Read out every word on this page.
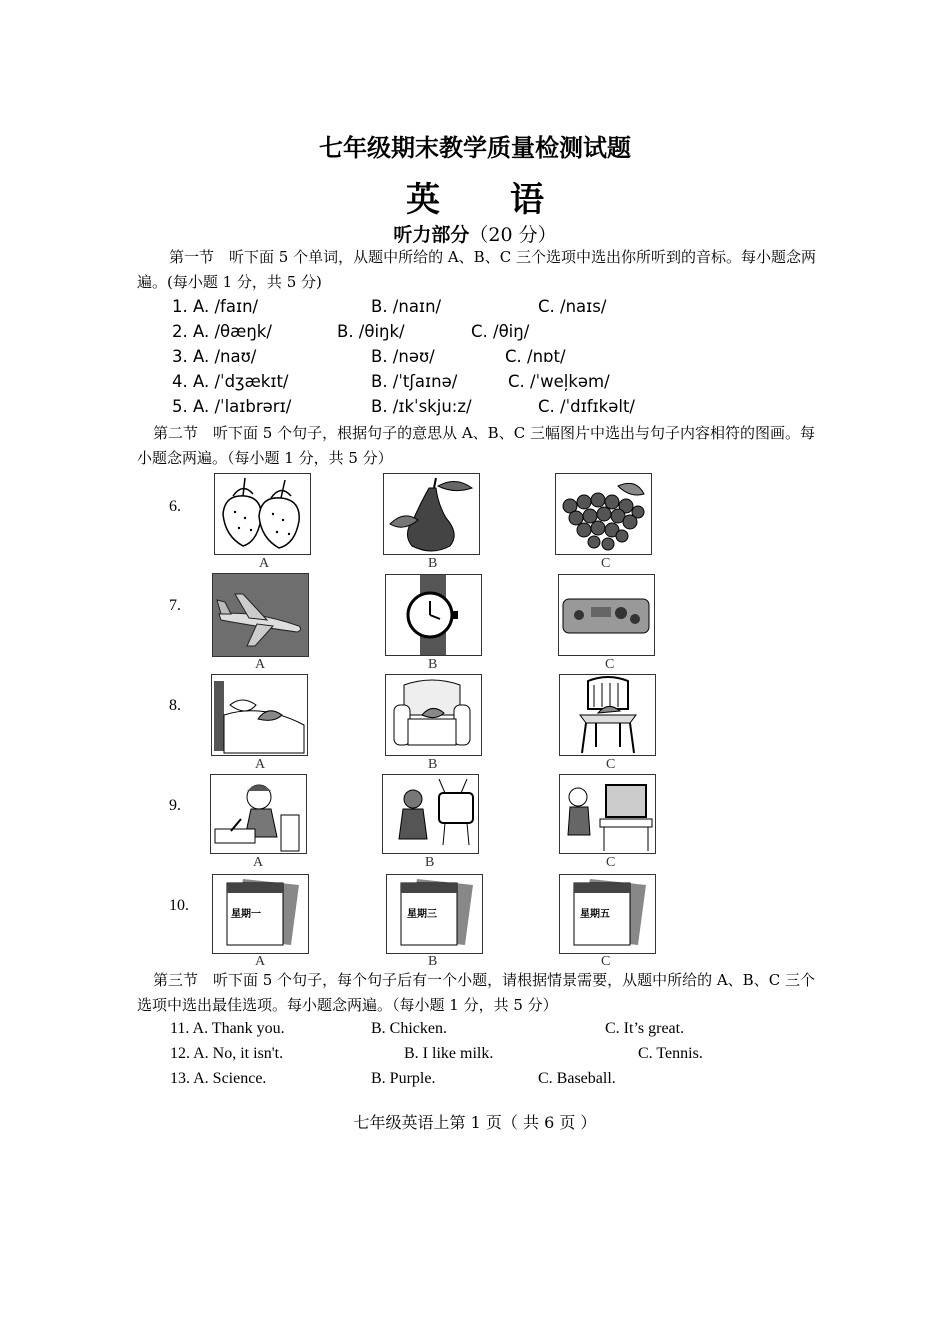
七年级期末教学质量检测试题
英 语
听力部分（20 分）
第一节　听下面 5 个单词，从题中所给的 A、B、C 三个选项中选出你所听到的音标。每小题念两遍。(每小题 1 分，共 5 分)
1. A. /faɪn/	B. /naɪn/	C. /naɪs/
2. A. /θæŋk/	B. /θiŋk/	C. /θiŋ/
3. A. /naʊ/	B. /nəʊ/	C. /nɒt/
4. A. /ˈdʒækɪt/	B. /ˈtʃaɪnə/	C. /ˈweļkəm/
5. A. /ˈlaɪbrərɪ/	B. /ɪkˈskju:z/	C. /ˈdɪfɪkəlt/
第二节　听下面 5 个句子，根据句子的意思从 A、B、C 三幅图片中选出与句子内容相符的图画。每小题念两遍。（每小题 1 分，共 5 分）
6.
A	B	C
7.
A	B	C
8.
A	B	C
9.
A	B	C
10.
星期一	星期三	星期五
A	B	C
第三节　听下面 5 个句子，每个句子后有一个小题，请根据情景需要，从题中所给的 A、B、C 三个选项中选出最佳选项。每小题念两遍。（每小题 1 分，共 5 分）
11. A. Thank you.	B. Chicken.	C. It’s great.
12. A. No, it isn't.	B. I like milk.	C. Tennis.
13. A. Science.	B. Purple.	C. Baseball.
七年级英语上第 1 页（ 共 6 页 ）
